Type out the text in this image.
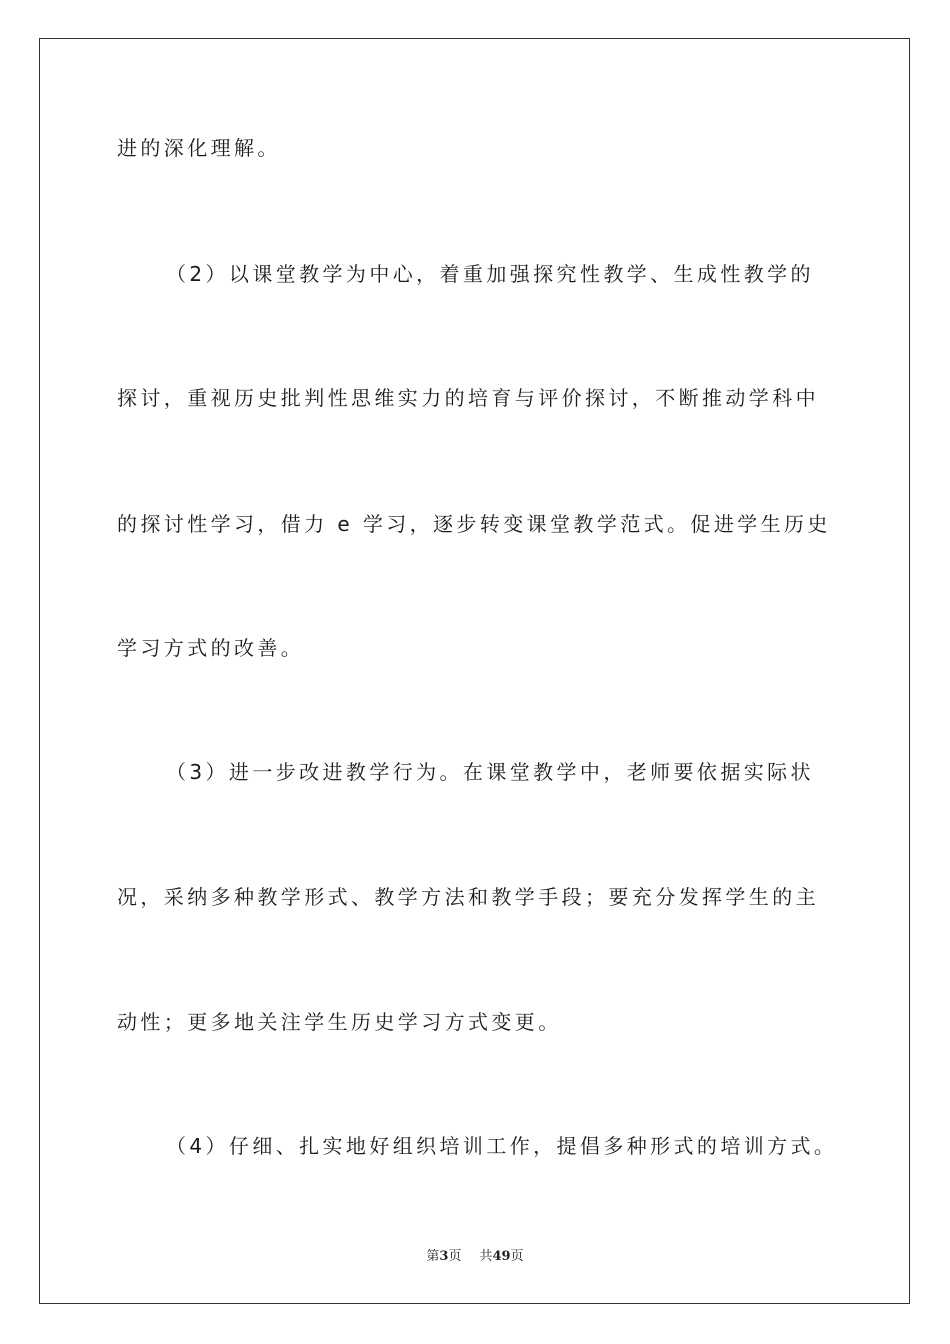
进的深化理解。
（2）以课堂教学为中心，着重加强探究性教学、生成性教学的
探讨，重视历史批判性思维实力的培育与评价探讨，不断推动学科中
的探讨性学习，借力 e 学习，逐步转变课堂教学范式。促进学生历史
学习方式的改善。
（3）进一步改进教学行为。在课堂教学中，老师要依据实际状
况，采纳多种教学形式、教学方法和教学手段；要充分发挥学生的主
动性；更多地关注学生历史学习方式变更。
（4）仔细、扎实地好组织培训工作，提倡多种形式的培训方式。
第3页 共49页
